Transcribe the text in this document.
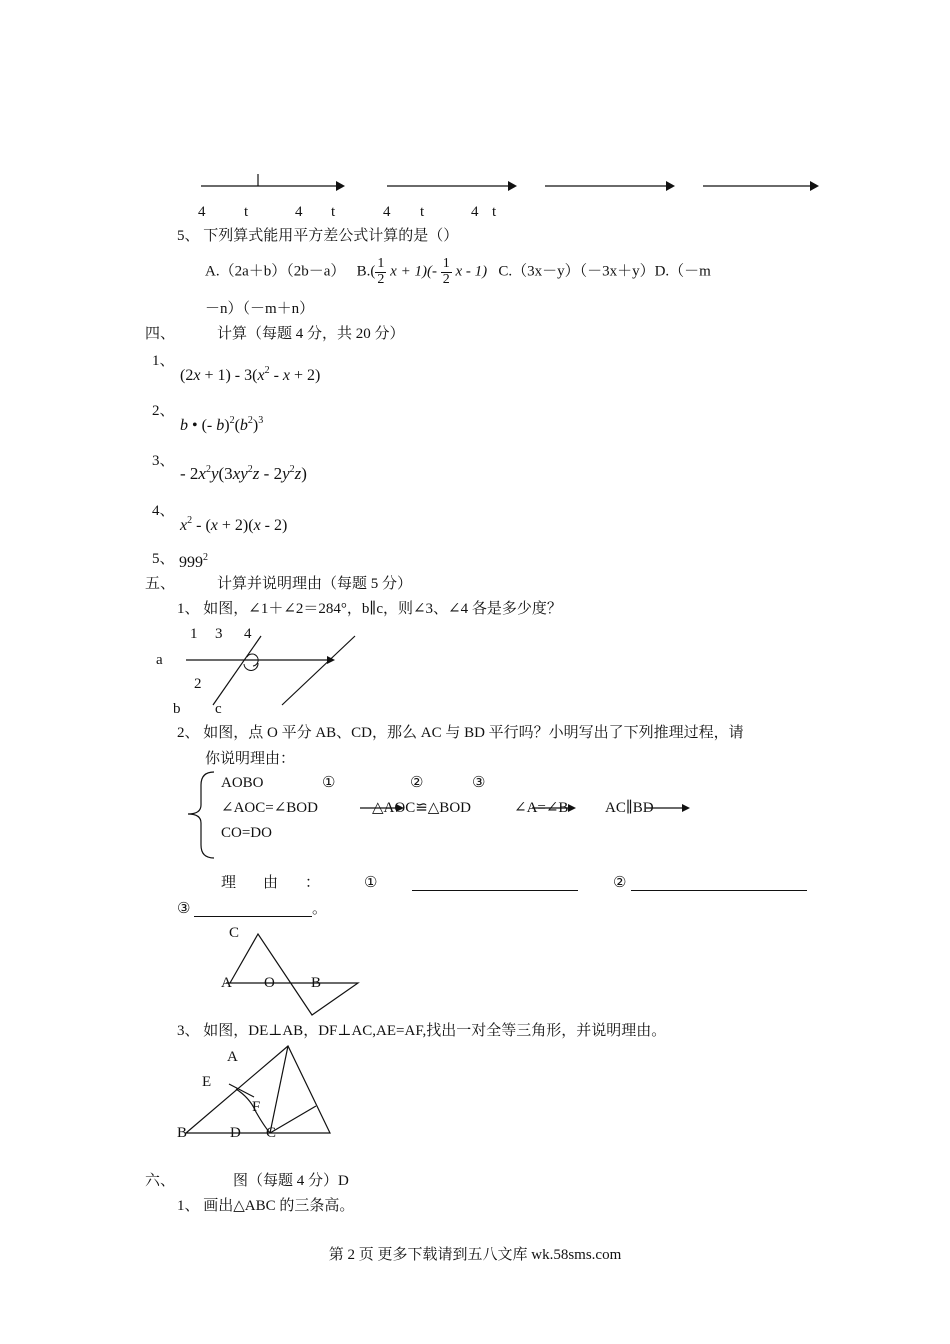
4	t	4 t	4 t	4 t
5、 下列算式能用平方差公式计算的是（）
A.（2a＋b）（2b－a） $B.( \frac{1}{2}$ $x + 1)(- \frac{1}{2}$ x - 1) C.（3x－y）（－3x＋y）D.（－m
－n）（－m＋n）
四、	计算（每题 4 分，共 20 分）
1、
$(2x + 1) - 3(x^2 - x + 2)$
2、
b • (- $b)^2(b^2)^3$
3、
- $2x^2y(3xy^2z - 2y^2z)$
4、
$x^2 - (x + 2)(x - 2)$
5、 $999^2$
五、	计算并说明理由（每题 5 分）
1、 如图，∠1＋∠2＝284°，b∥c，则∠3、∠4 各是多少度？
1 3 4
a
2
b c
2、 如图，点 O 平分 AB、CD，那么 AC 与 BD 平行吗？小明写出了下列推理过程，请
你说明理由：
AOBO	①	②	③
∠AOC=∠BOD	△AOC≌△BOD	∠A=∠B AC∥BD
CO=DO
理　由　：	①	②
③	。
C
A O B
3、 如图，DE⊥AB，DF⊥AC,AE=AF,找出一对全等三角形，并说明理由。
A
E
F
B	D C
六、	图（每题 4 分）D
1、 画出△ABC 的三条高。
第 2 页 更多下载请到五八文库 wk.58sms.com
